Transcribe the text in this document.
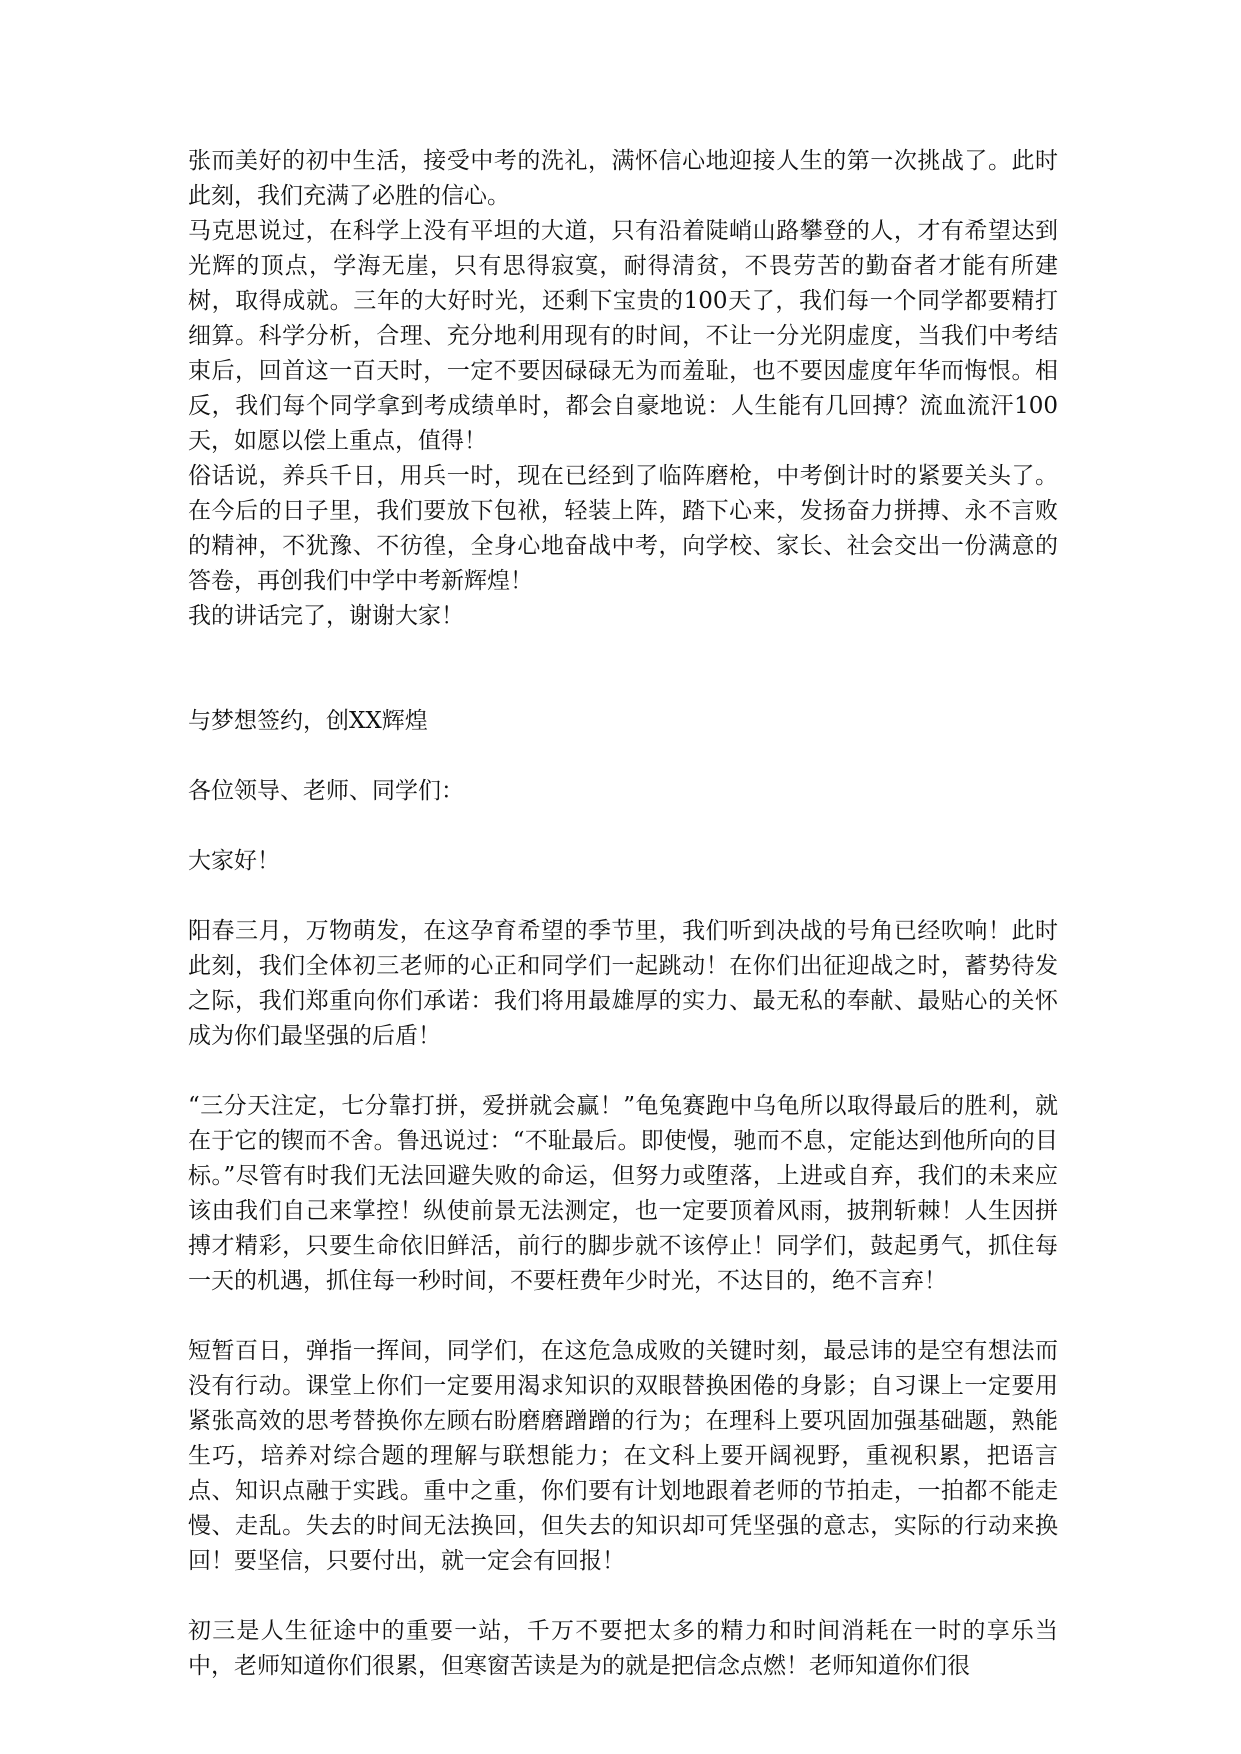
张而美好的初中生活，接受中考的洗礼，满怀信心地迎接人生的第一次挑战了。此时此刻，我们充满了必胜的信心。

马克思说过，在科学上没有平坦的大道，只有沿着陡峭山路攀登的人，才有希望达到光辉的顶点，学海无崖，只有思得寂寞，耐得清贫，不畏劳苦的勤奋者才能有所建树，取得成就。三年的大好时光，还剩下宝贵的100天了，我们每一个同学都要精打细算。科学分析，合理、充分地利用现有的时间，不让一分光阴虚度，当我们中考结束后，回首这一百天时，一定不要因碌碌无为而羞耻，也不要因虚度年华而悔恨。相反，我们每个同学拿到考成绩单时，都会自豪地说：人生能有几回搏？流血流汗100天，如愿以偿上重点，值得！

俗话说，养兵千日，用兵一时，现在已经到了临阵磨枪，中考倒计时的紧要关头了。在今后的日子里，我们要放下包袱，轻装上阵，踏下心来，发扬奋力拼搏、永不言败的精神，不犹豫、不彷徨，全身心地奋战中考，向学校、家长、社会交出一份满意的答卷，再创我们中学中考新辉煌！

我的讲话完了，谢谢大家！

与梦想签约，创XX辉煌

各位领导、老师、同学们：

大家好！

阳春三月，万物萌发，在这孕育希望的季节里，我们听到决战的号角已经吹响！此时此刻，我们全体初三老师的心正和同学们一起跳动！在你们出征迎战之时，蓄势待发之际，我们郑重向你们承诺：我们将用最雄厚的实力、最无私的奉献、最贴心的关怀成为你们最坚强的后盾！

“三分天注定，七分靠打拼，爱拼就会赢！”龟兔赛跑中乌龟所以取得最后的胜利，就在于它的锲而不舍。鲁迅说过：“不耻最后。即使慢，驰而不息，定能达到他所向的目标。”尽管有时我们无法回避失败的命运，但努力或堕落，上进或自弃，我们的未来应该由我们自己来掌控！纵使前景无法测定，也一定要顶着风雨，披荆斩棘！人生因拼搏才精彩，只要生命依旧鲜活，前行的脚步就不该停止！同学们，鼓起勇气，抓住每一天的机遇，抓住每一秒时间，不要枉费年少时光，不达目的，绝不言弃！

短暂百日，弹指一挥间，同学们，在这危急成败的关键时刻，最忌讳的是空有想法而没有行动。课堂上你们一定要用渴求知识的双眼替换困倦的身影；自习课上一定要用紧张高效的思考替换你左顾右盼磨磨蹭蹭的行为；在理科上要巩固加强基础题，熟能生巧，培养对综合题的理解与联想能力；在文科上要开阔视野，重视积累，把语言点、知识点融于实践。重中之重，你们要有计划地跟着老师的节拍走，一拍都不能走慢、走乱。失去的时间无法换回，但失去的知识却可凭坚强的意志，实际的行动来换回！要坚信，只要付出，就一定会有回报！

初三是人生征途中的重要一站，千万不要把太多的精力和时间消耗在一时的享乐当中，老师知道你们很累，但寒窗苦读是为的就是把信念点燃！老师知道你们很
